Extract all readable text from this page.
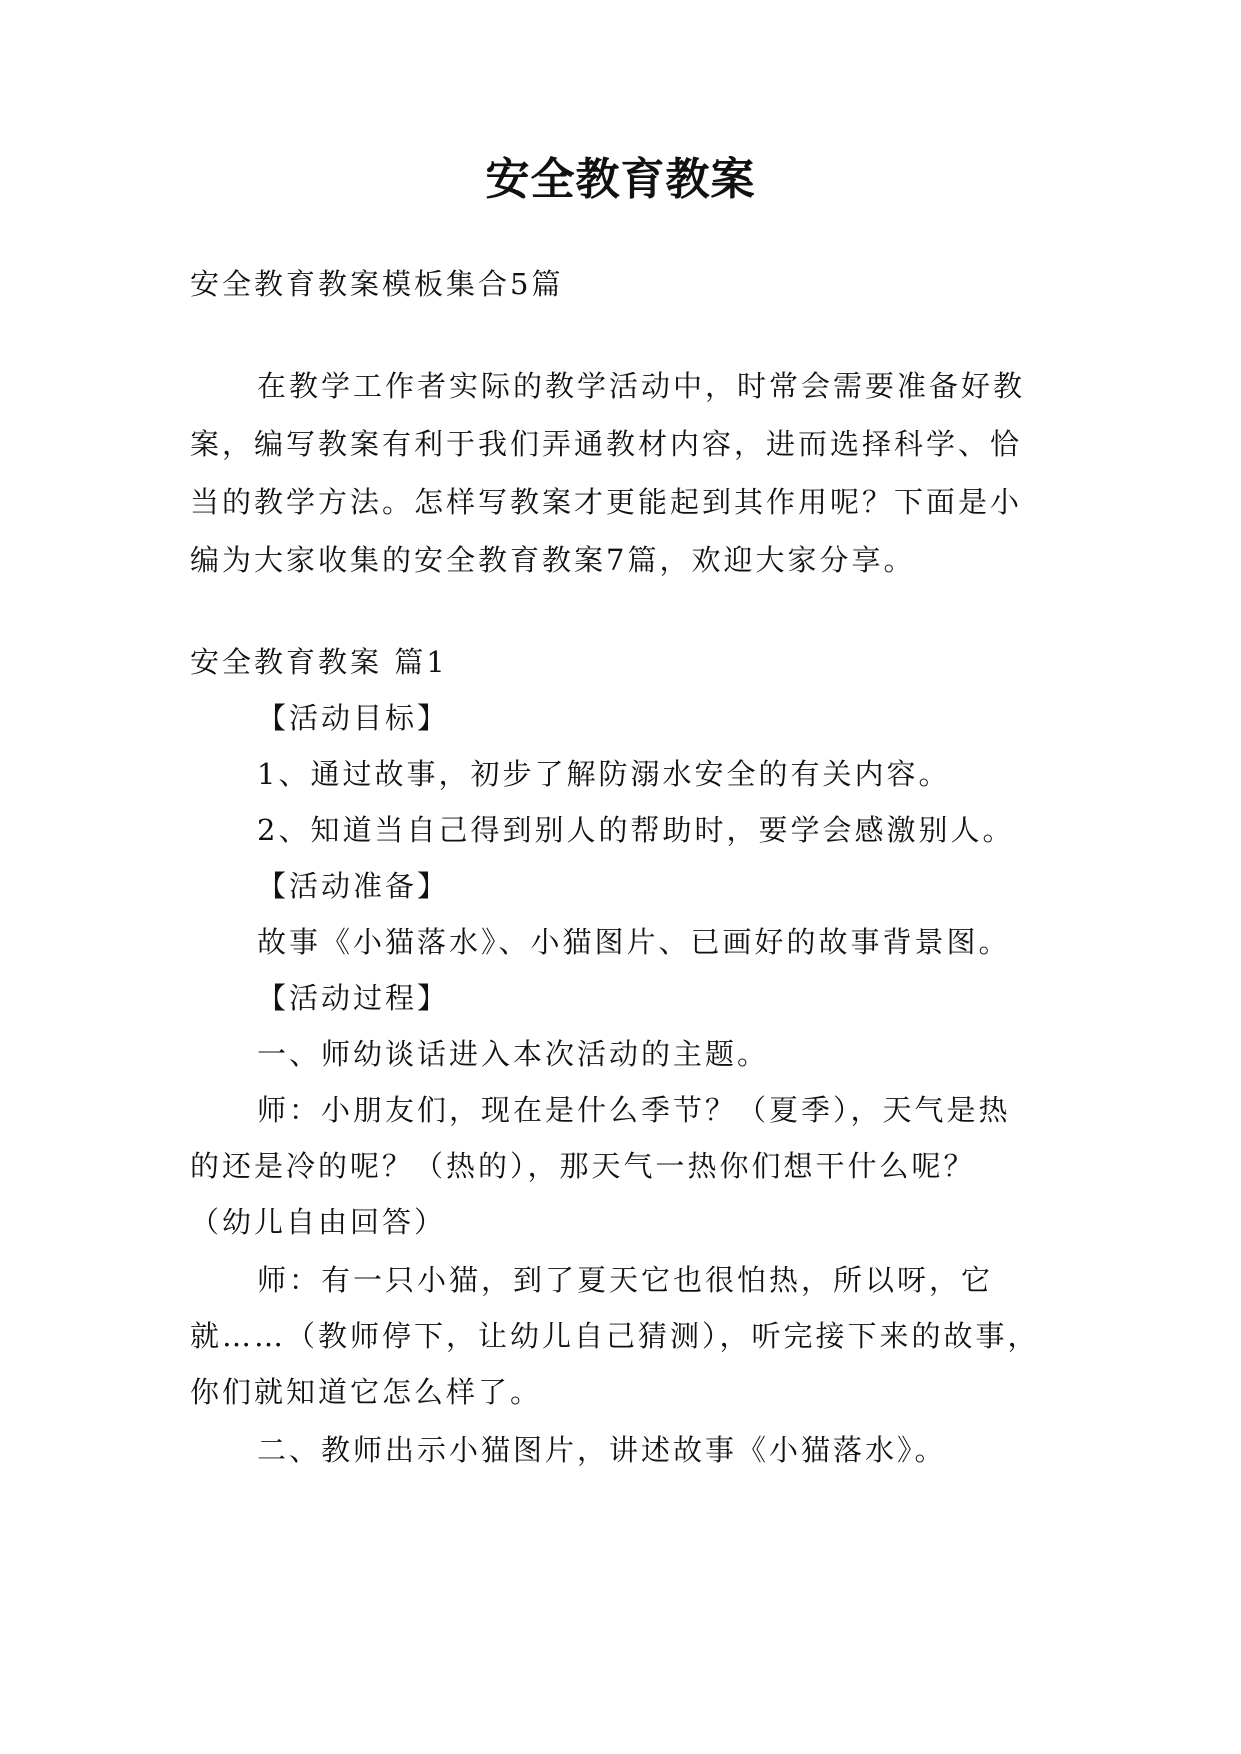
安全教育教案
安全教育教案模板集合5篇
在教学工作者实际的教学活动中，时常会需要准备好教
案，编写教案有利于我们弄通教材内容，进而选择科学、恰
当的教学方法。怎样写教案才更能起到其作用呢？下面是小
编为大家收集的安全教育教案7篇，欢迎大家分享。
安全教育教案 篇1
【活动目标】
1、通过故事，初步了解防溺水安全的有关内容。
2、知道当自己得到别人的帮助时，要学会感激别人。
【活动准备】
故事《小猫落水》、小猫图片、已画好的故事背景图。
【活动过程】
一、师幼谈话进入本次活动的主题。
师：小朋友们，现在是什么季节？（夏季），天气是热
的还是冷的呢？（热的），那天气一热你们想干什么呢？
（幼儿自由回答）
师：有一只小猫，到了夏天它也很怕热，所以呀，它
就……（教师停下，让幼儿自己猜测），听完接下来的故事，
你们就知道它怎么样了。
二、教师出示小猫图片，讲述故事《小猫落水》。
